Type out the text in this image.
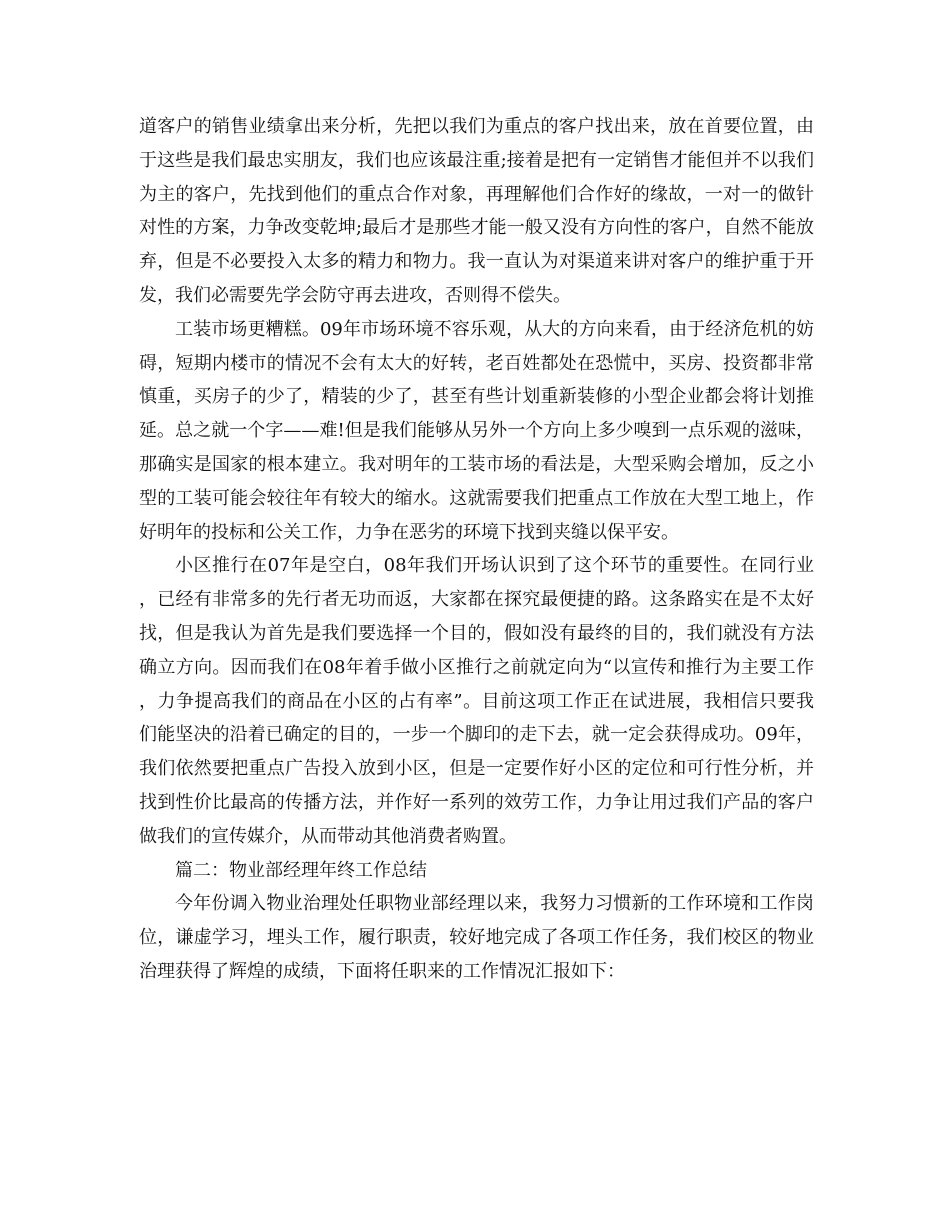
道客户的销售业绩拿出来分析，先把以我们为重点的客户找出来，放在首要位置，由于这些是我们最忠实朋友，我们也应该最注重;接着是把有一定销售才能但并不以我们为主的客户，先找到他们的重点合作对象，再理解他们合作好的缘故，一对一的做针对性的方案，力争改变乾坤;最后才是那些才能一般又没有方向性的客户，自然不能放弃，但是不必要投入太多的精力和物力。我一直认为对渠道来讲对客户的维护重于开发，我们必需要先学会防守再去进攻，否则得不偿失。

工装市场更糟糕。09年市场环境不容乐观，从大的方向来看，由于经济危机的妨碍，短期内楼市的情况不会有太大的好转，老百姓都处在恐慌中，买房、投资都非常慎重，买房子的少了，精装的少了，甚至有些计划重新装修的小型企业都会将计划推延。总之就一个字——难!但是我们能够从另外一个方向上多少嗅到一点乐观的滋味，那确实是国家的根本建立。我对明年的工装市场的看法是，大型采购会增加，反之小型的工装可能会较往年有较大的缩水。这就需要我们把重点工作放在大型工地上，作好明年的投标和公关工作，力争在恶劣的环境下找到夹缝以保平安。

小区推行在07年是空白，08年我们开场认识到了这个环节的重要性。在同行业，已经有非常多的先行者无功而返，大家都在探究最便捷的路。这条路实在是不太好找，但是我认为首先是我们要选择一个目的，假如没有最终的目的，我们就没有方法确立方向。因而我们在08年着手做小区推行之前就定向为“以宣传和推行为主要工作，力争提高我们的商品在小区的占有率”。目前这项工作正在试进展，我相信只要我们能坚决的沿着已确定的目的，一步一个脚印的走下去，就一定会获得成功。09年，我们依然要把重点广告投入放到小区，但是一定要作好小区的定位和可行性分析，并找到性价比最高的传播方法，并作好一系列的效劳工作，力争让用过我们产品的客户做我们的宣传媒介，从而带动其他消费者购置。

篇二：物业部经理年终工作总结

今年份调入物业治理处任职物业部经理以来，我努力习惯新的工作环境和工作岗位，谦虚学习，埋头工作，履行职责，较好地完成了各项工作任务，我们校区的物业治理获得了辉煌的成绩，下面将任职来的工作情况汇报如下：
